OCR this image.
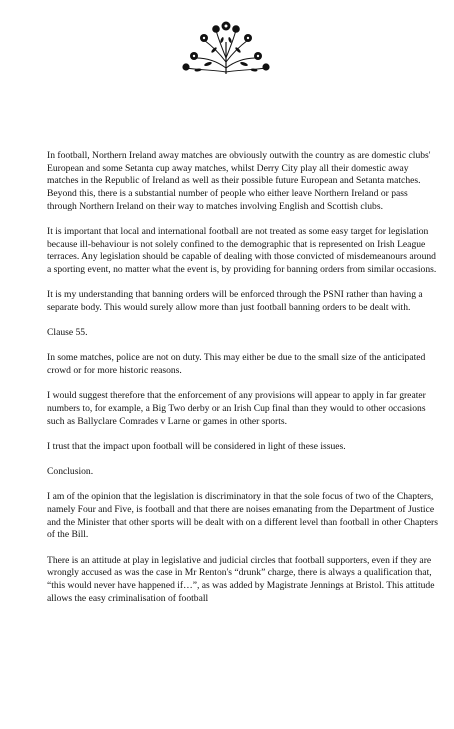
In football, Northern Ireland away matches are obviously outwith the country as are domestic clubs' European and some Setanta cup away matches, whilst Derry City play all their domestic away matches in the Republic of Ireland as well as their possible future European and Setanta matches. Beyond this, there is a substantial number of people who either leave Northern Ireland or pass through Northern Ireland on their way to matches involving English and Scottish clubs.

It is important that local and international football are not treated as some easy target for legislation because ill-behaviour is not solely confined to the demographic that is represented on Irish League terraces. Any legislation should be capable of dealing with those convicted of misdemeanours around a sporting event, no matter what the event is, by providing for banning orders from similar occasions.

It is my understanding that banning orders will be enforced through the PSNI rather than having a separate body. This would surely allow more than just football banning orders to be dealt with.

Clause 55.

In some matches, police are not on duty. This may either be due to the small size of the anticipated crowd or for more historic reasons.

I would suggest therefore that the enforcement of any provisions will appear to apply in far greater numbers to, for example, a Big Two derby or an Irish Cup final than they would to other occasions such as Ballyclare Comrades v Larne or games in other sports.

I trust that the impact upon football will be considered in light of these issues.

Conclusion.

I am of the opinion that the legislation is discriminatory in that the sole focus of two of the Chapters, namely Four and Five, is football and that there are noises emanating from the Department of Justice and the Minister that other sports will be dealt with on a different level than football in other Chapters of the Bill.

There is an attitude at play in legislative and judicial circles that football supporters, even if they are wrongly accused as was the case in Mr Renton's “drunk” charge, there is always a qualification that, “this would never have happened if…”, as was added by Magistrate Jennings at Bristol. This attitude allows the easy criminalisation of football
